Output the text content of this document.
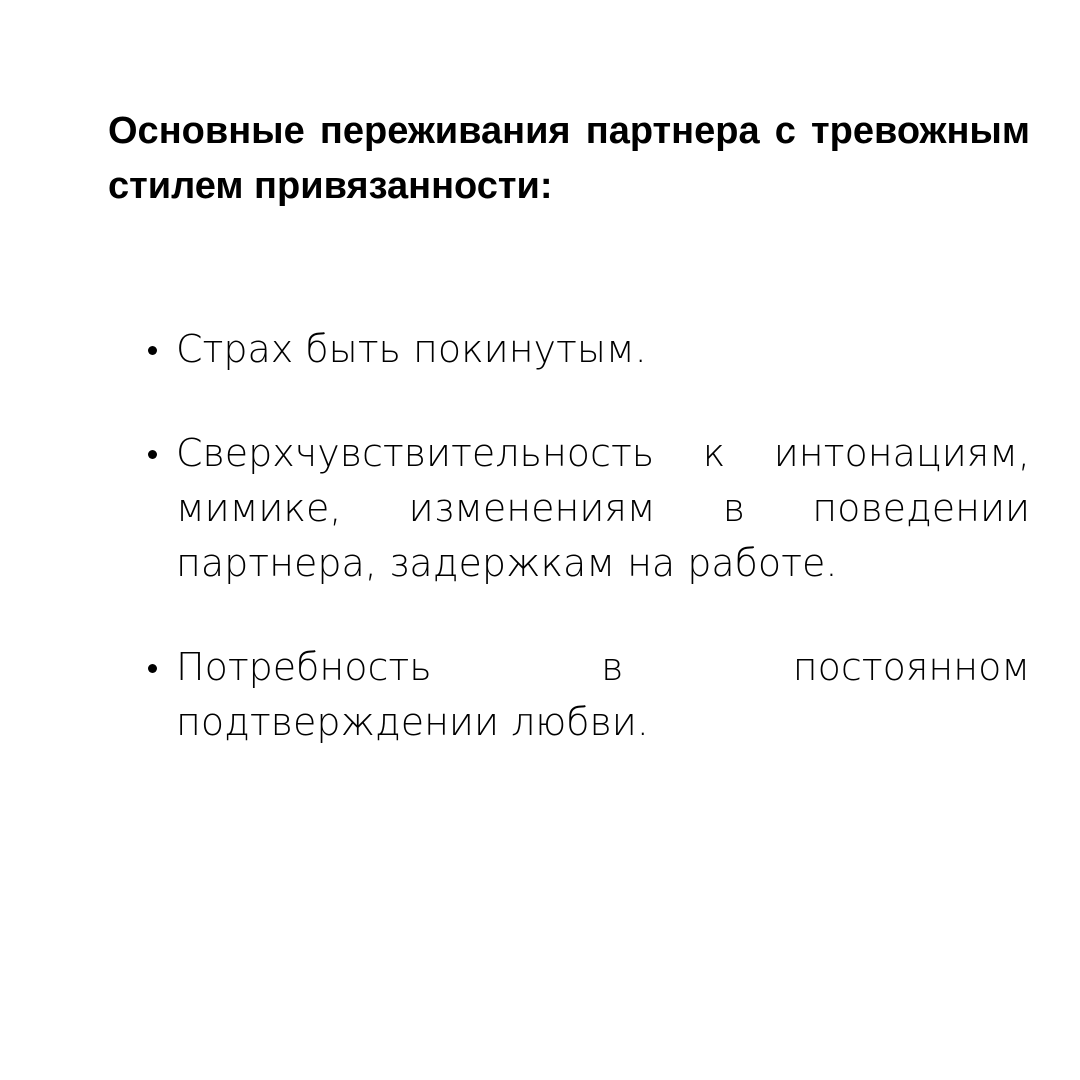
Основные переживания партнера с тревожным стилем привязанности:
Страх быть покинутым.
Сверхчувствительность к интонациям, мимике, изменениям в поведении партнера, задержкам на работе.
Потребность в постоянном подтверждении любви.
